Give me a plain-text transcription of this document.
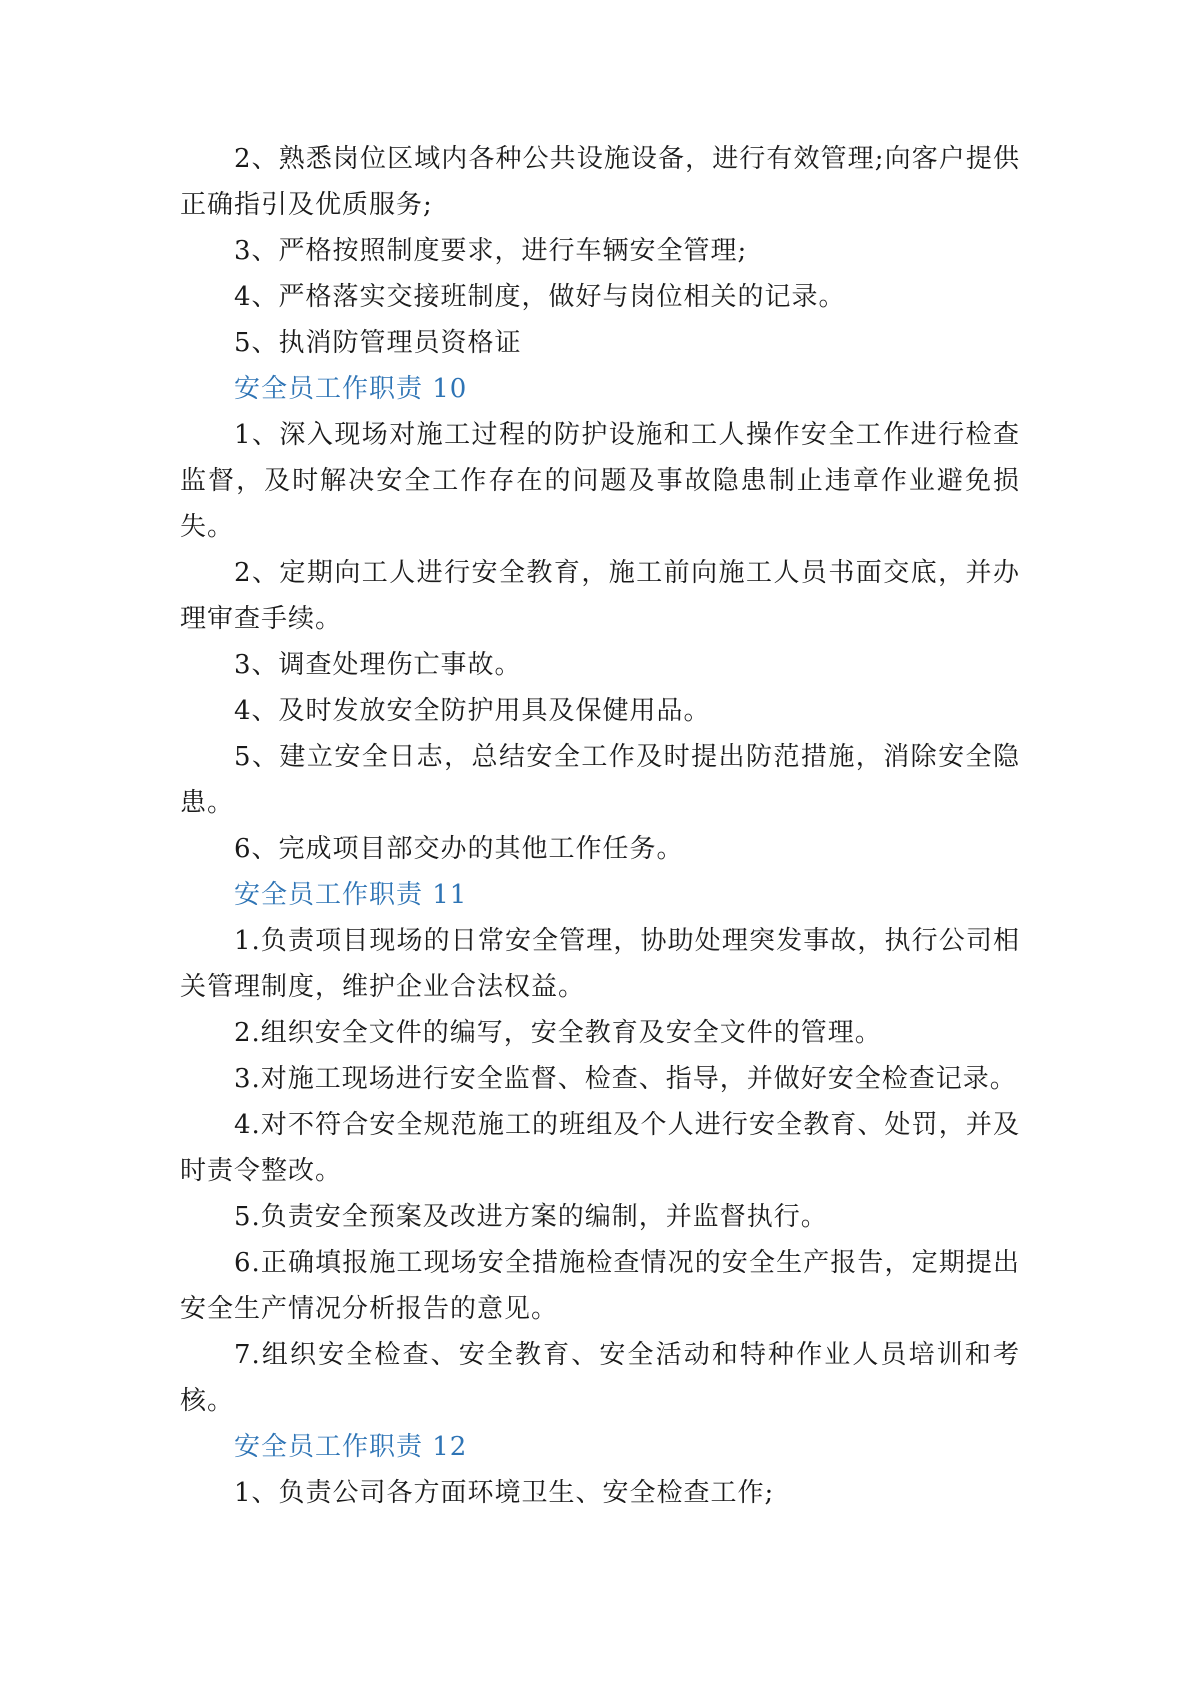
2、熟悉岗位区域内各种公共设施设备，进行有效管理;向客户提供正确指引及优质服务;

3、严格按照制度要求，进行车辆安全管理;

4、严格落实交接班制度，做好与岗位相关的记录。

5、执消防管理员资格证

安全员工作职责 10

1、深入现场对施工过程的防护设施和工人操作安全工作进行检查监督，及时解决安全工作存在的问题及事故隐患制止违章作业避免损失。

2、定期向工人进行安全教育，施工前向施工人员书面交底，并办理审查手续。

3、调查处理伤亡事故。

4、及时发放安全防护用具及保健用品。

5、建立安全日志，总结安全工作及时提出防范措施，消除安全隐患。

6、完成项目部交办的其他工作任务。

安全员工作职责 11

1.负责项目现场的日常安全管理，协助处理突发事故，执行公司相关管理制度，维护企业合法权益。

2.组织安全文件的编写，安全教育及安全文件的管理。

3.对施工现场进行安全监督、检查、指导，并做好安全检查记录。

4.对不符合安全规范施工的班组及个人进行安全教育、处罚，并及时责令整改。

5.负责安全预案及改进方案的编制，并监督执行。

6.正确填报施工现场安全措施检查情况的安全生产报告，定期提出安全生产情况分析报告的意见。

7.组织安全检查、安全教育、安全活动和特种作业人员培训和考核。

安全员工作职责 12

1、负责公司各方面环境卫生、安全检查工作;
